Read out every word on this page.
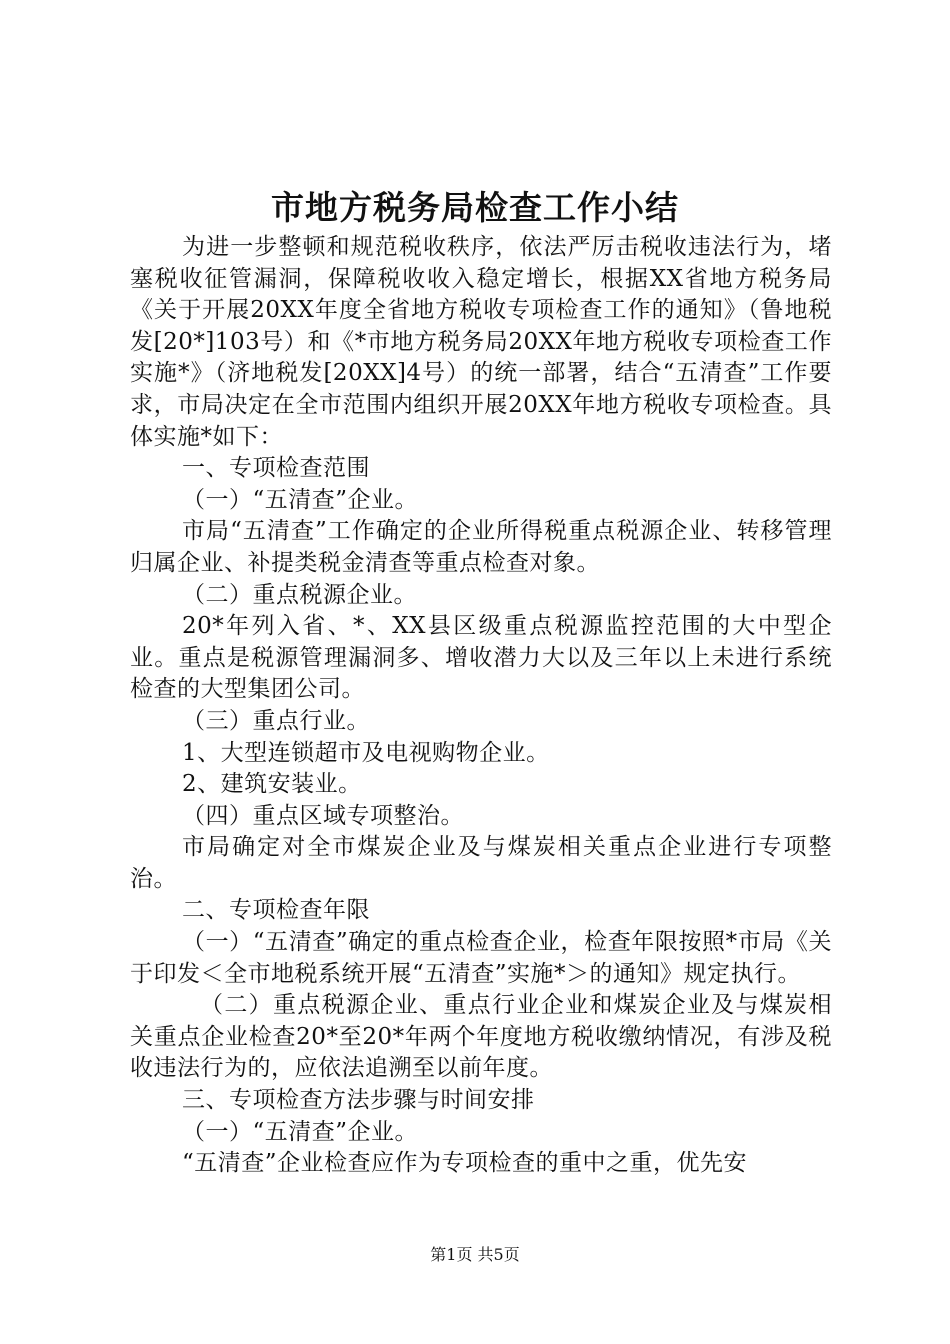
市地方税务局检查工作小结

为进一步整顿和规范税收秩序，依法严厉击税收违法行为，堵塞税收征管漏洞，保障税收收入稳定增长，根据XX省地方税务局《关于开展20XX年度全省地方税收专项检查工作的通知》（鲁地税发[20*]103号）和《*市地方税务局20XX年地方税收专项检查工作实施*》（济地税发[20XX]4号）的统一部署，结合“五清查”工作要求，市局决定在全市范围内组织开展20XX年地方税收专项检查。具体实施*如下：

一、专项检查范围

（一）“五清查”企业。

市局“五清查”工作确定的企业所得税重点税源企业、转移管理归属企业、补提类税金清查等重点检查对象。

（二）重点税源企业。

20*年列入省、*、XX县区级重点税源监控范围的大中型企业。重点是税源管理漏洞多、增收潜力大以及三年以上未进行系统检查的大型集团公司。

（三）重点行业。

1、大型连锁超市及电视购物企业。

2、建筑安装业。

（四）重点区域专项整治。

市局确定对全市煤炭企业及与煤炭相关重点企业进行专项整治。

二、专项检查年限

（一）“五清查”确定的重点检查企业，检查年限按照*市局《关于印发＜全市地税系统开展“五清查”实施*＞的通知》规定执行。

（二）重点税源企业、重点行业企业和煤炭企业及与煤炭相关重点企业检查20*至20*年两个年度地方税收缴纳情况，有涉及税收违法行为的，应依法追溯至以前年度。

三、专项检查方法步骤与时间安排

（一）“五清查”企业。

“五清查”企业检查应作为专项检查的重中之重，优先安

第1页 共5页
